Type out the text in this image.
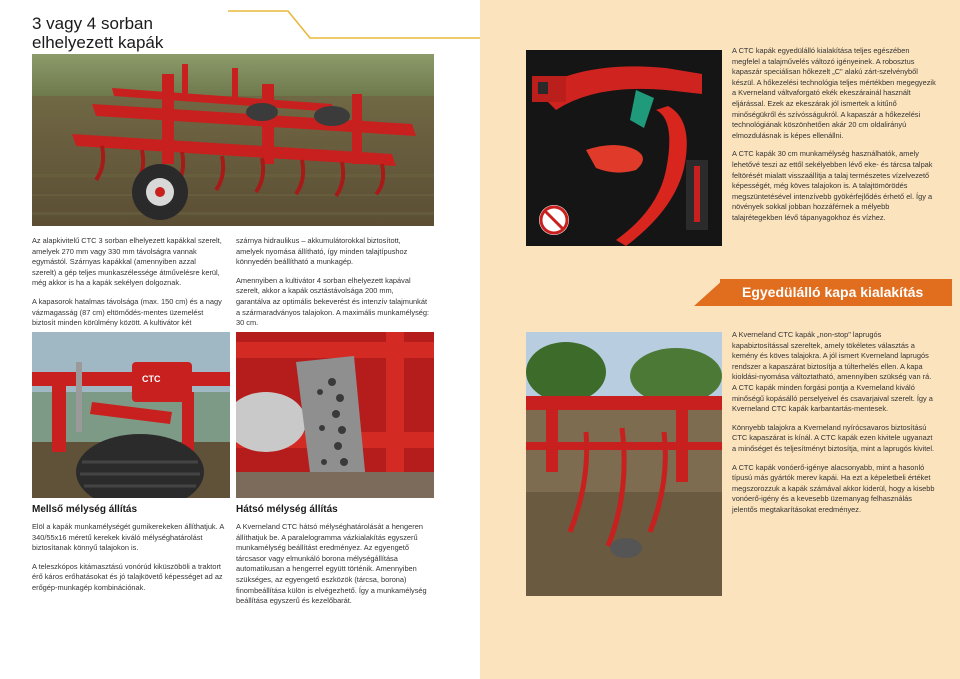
3 vagy 4 sorban
elhelyezett kapák

Az alapkivitelű CTC 3 sorban elhelyezett kapákkal szerelt, amelyek 270 mm vagy 330 mm távolságra vannak egymástól. Szárnyas kapákkal (amennyiben azzal szerelt) a gép teljes munkaszélessége átművelésre kerül, még akkor is ha a kapák sekélyen dolgoznak.

A kapasorok hatalmas távolsága (max. 150 cm) és a nagy vázmagasság (87 cm) eltömődés-mentes üzemelést biztosít minden körülmény között. A kultivátor két

szárnya hidraulikus – akkumulátorokkal biztosított, amelyek nyomása állítható, így minden talajtípushoz könnyedén beállítható a munkagép.

Amennyiben a kultivátor 4 sorban elhelyezett kapával szerelt, akkor a kapák osztástávolsága 200 mm, garantálva az optimális bekeverést és intenzív talajmunkát a szármaradványos talajokon. A maximális munkamélység: 30 cm.

CTC
Mellső mélység állítás

Elöl a kapák munkamélységét gumikerekeken állíthatjuk. A 340/55x16 méretű kerekek kiváló mélységhatárolást biztosítanak könnyű talajokon is.

A teleszkópos kitámasztású vonórúd kiküszöböli a traktort érő káros erőhatásokat és jó talajkövető képességet ad az erőgép-munkagép kombinációnak.

Hátsó mélység állítás

A Kverneland CTC hátsó mélységhatárolását a hengeren állíthatjuk be. A paralelogramma vázkialakítás egyszerű munkamélység beállítást eredményez. Az egyengető tárcsasor vagy elmunkáló borona mélységállítása automatikusan a hengerrel együtt történik. Amennyiben szükséges, az egyengető eszközök (tárcsa, borona) finombeállítása külön is elvégezhető. Így a munkamélység beállítása egyszerű és kezelőbarát.

A CTC kapák egyedülálló kialakítása teljes egészében megfelel a talajművelés változó igényeinek. A robosztus kapaszár speciálisan hőkezelt „C" alakú zárt-szelvényből készül. A hőkezelési technológia teljes mértékben megegyezik a Kverneland váltvaforgató ekék ekeszárainál használt eljárással. Ezek az ekeszárak jól ismertek a kitűnő minőségükről és szívósságukról. A kapaszár a hőkezelési technológiának köszönhetően akár 20 cm oldalirányú elmozdulásnak is képes ellenállni.

A CTC kapák 30 cm munkamélység használhatók, amely lehetővé teszi az ettől sekélyebben lévő eke- és tárcsa talpak feltörését mialatt visszaállítja a talaj természetes vízelvezető képességét, még köves talajokon is. A talajtömörödés megszüntetésével intenzívebb gyökérfejlődés érhető el. Így a növények sokkal jobban hozzáférnek a mélyebb talajrétegekben lévő tápanyagokhoz és vízhez.

Egyedülálló kapa kialakítás

A Kverneland CTC kapák „non-stop" laprugós kapabiztosítással szereltek, amely tökéletes választás a kemény és köves talajokra. A jól ismert Kverneland laprugós rendszer a kapaszárat biztosítja a túlterhelés ellen. A kapa kioldási-nyomása változtatható, amennyiben szükség van rá. A CTC kapák minden forgási pontja a Kverneland kiváló minőségű kopásálló perselyeivel és csavarjaival szerelt. Így a Kverneland CTC kapák karbantartás-mentesek.

Könnyebb talajokra a Kverneland nyírócsavaros biztosítású CTC kapaszárat is kínál. A CTC kapák ezen kivitele ugyanazt a minőséget és teljesítményt biztosítja, mint a laprugós kivitel.

A CTC kapák vonóerő-igénye alacsonyabb, mint a hasonló típusú más gyártók merev kapái. Ha ezt a képeletbeli értéket megszorozzuk a kapák számával akkor kiderül, hogy a kisebb vonóerő-igény és a kevesebb üzemanyag felhasználás jelentős megtakarításokat eredményez.
